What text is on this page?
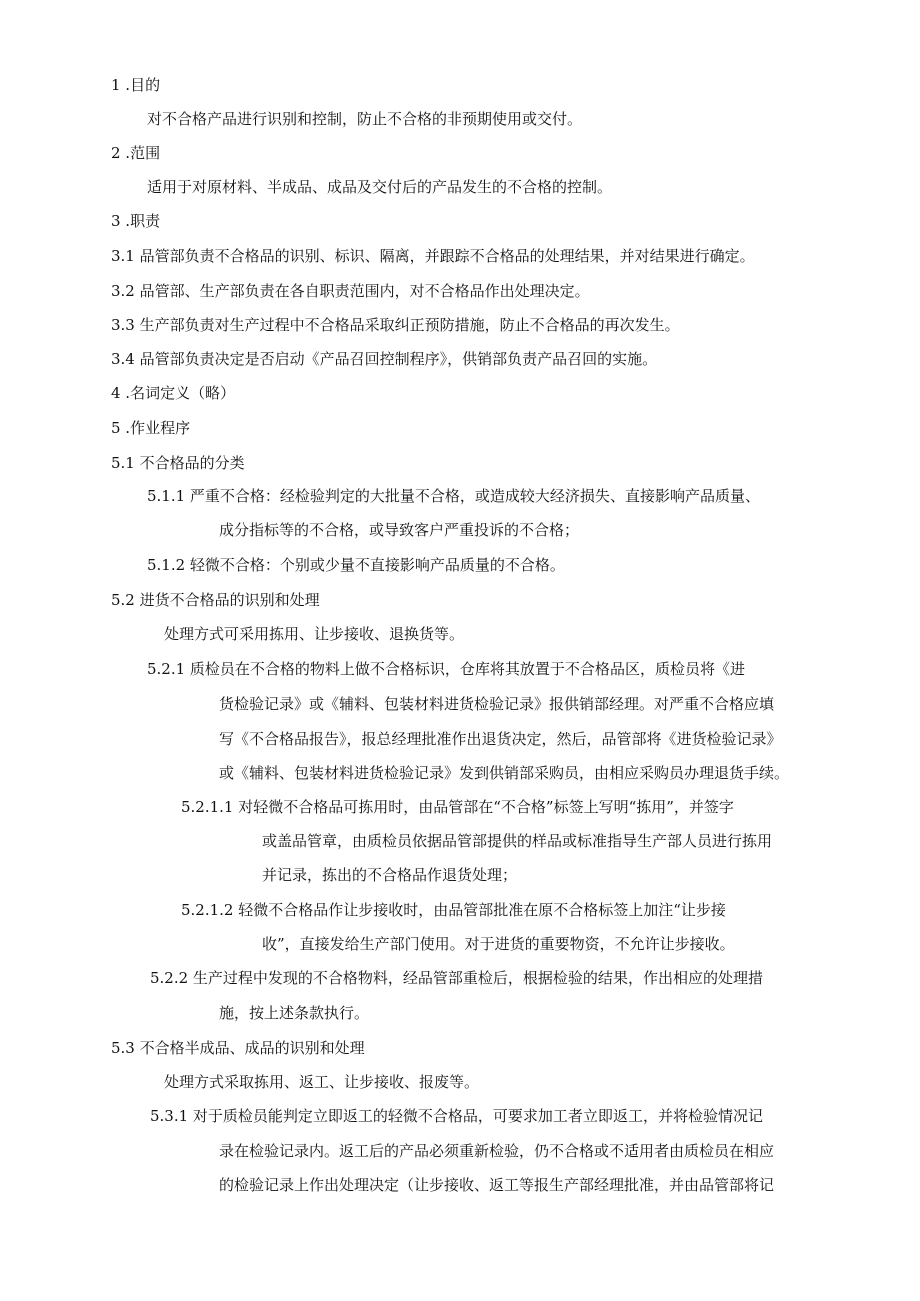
1 .目的
对不合格产品进行识别和控制，防止不合格的非预期使用或交付。
2 .范围
适用于对原材料、半成品、成品及交付后的产品发生的不合格的控制。
3 .职责
3.1 品管部负责不合格品的识别、标识、隔离，并跟踪不合格品的处理结果，并对结果进行确定。
3.2 品管部、生产部负责在各自职责范围内，对不合格品作出处理决定。
3.3 生产部负责对生产过程中不合格品采取纠正预防措施，防止不合格品的再次发生。
3.4 品管部负责决定是否启动《产品召回控制程序》，供销部负责产品召回的实施。
4 .名词定义（略）
5 .作业程序
5.1 不合格品的分类
5.1.1 严重不合格：经检验判定的大批量不合格，或造成较大经济损失、直接影响产品质量、
成分指标等的不合格，或导致客户严重投诉的不合格；
5.1.2 轻微不合格：个别或少量不直接影响产品质量的不合格。
5.2 进货不合格品的识别和处理
处理方式可采用拣用、让步接收、退换货等。
5.2.1 质检员在不合格的物料上做不合格标识，仓库将其放置于不合格品区，质检员将《进
货检验记录》或《辅料、包装材料进货检验记录》报供销部经理。对严重不合格应填
写《不合格品报告》，报总经理批准作出退货决定，然后，品管部将《进货检验记录》
或《辅料、包装材料进货检验记录》发到供销部采购员，由相应采购员办理退货手续。
5.2.1.1 对轻微不合格品可拣用时，由品管部在“不合格”标签上写明“拣用”，并签字
或盖品管章，由质检员依据品管部提供的样品或标准指导生产部人员进行拣用
并记录，拣出的不合格品作退货处理；
5.2.1.2 轻微不合格品作让步接收时，由品管部批准在原不合格标签上加注“让步接
收”，直接发给生产部门使用。对于进货的重要物资，不允许让步接收。
5.2.2 生产过程中发现的不合格物料，经品管部重检后，根据检验的结果，作出相应的处理措
施，按上述条款执行。
5.3 不合格半成品、成品的识别和处理
处理方式采取拣用、返工、让步接收、报废等。
5.3.1 对于质检员能判定立即返工的轻微不合格品，可要求加工者立即返工，并将检验情况记
录在检验记录内。返工后的产品必须重新检验，仍不合格或不适用者由质检员在相应
的检验记录上作出处理决定（让步接收、返工等报生产部经理批准，并由品管部将记
